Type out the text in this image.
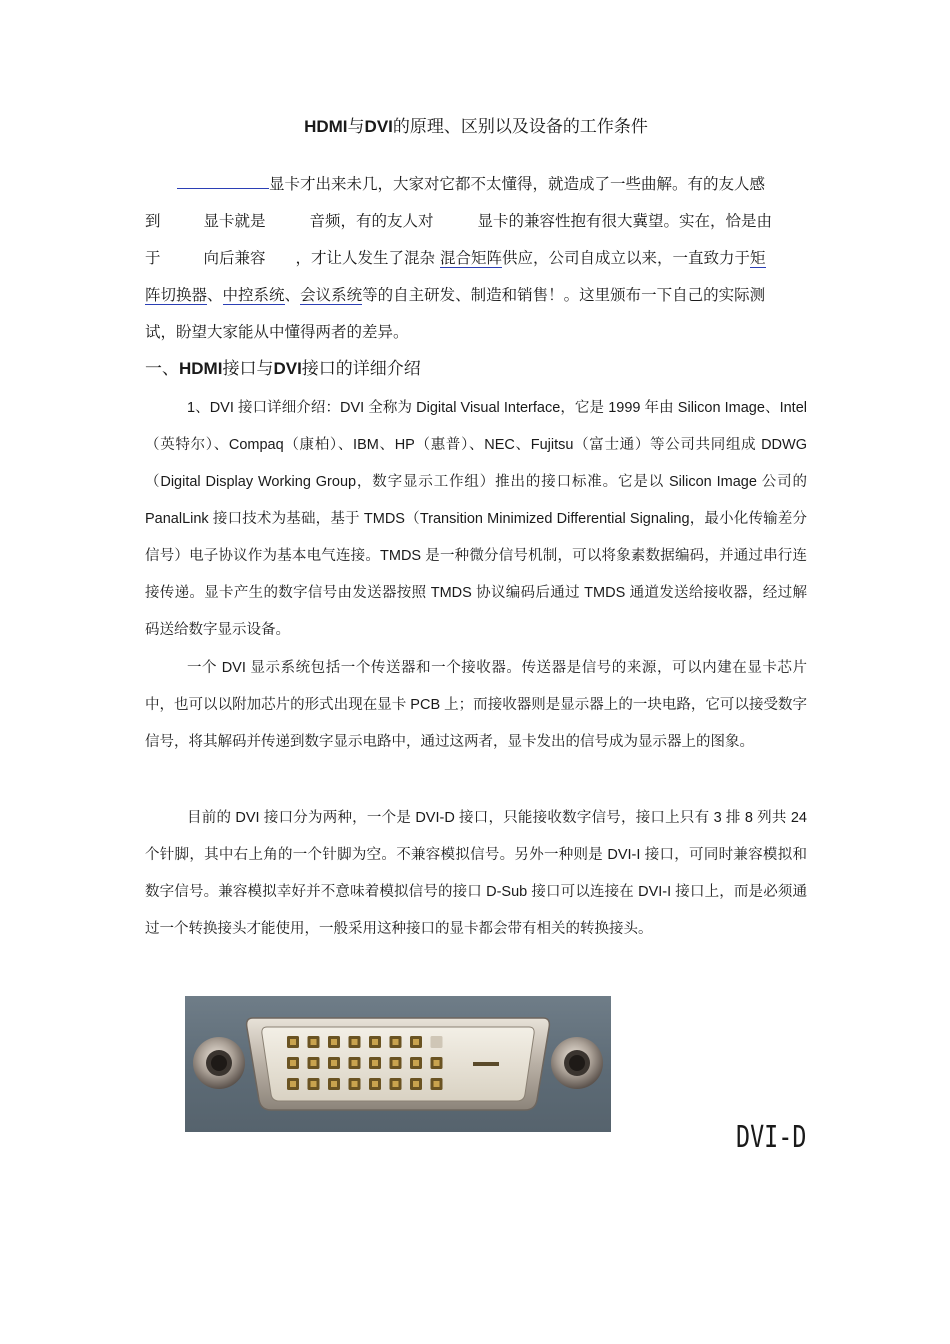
HDMI与DVI的原理、区别以及设备的工作条件

显卡才出来未几，大家对它都不太懂得，就造成了一些曲解。有的友人感

到	显卡就是	音频，有的友人对	显卡的兼容性抱有很大冀望。实在，恰是由

于	向后兼容 ，才让人发生了混杂 混合矩阵供应，公司自成立以来，一直致力于矩

阵切换器、中控系统、会议系统等的自主研发、制造和销售！。这里颁布一下自己的实际测

试，盼望大家能从中懂得两者的差异。

一、HDMI接口与DVI接口的详细介绍

1、DVI 接口详细介绍：DVI 全称为 Digital Visual Interface，它是 1999 年由 Silicon Image、Intel（英特尔）、Compaq（康柏）、IBM、HP（惠普）、NEC、Fujitsu（富士通）等公司共同组成 DDWG（Digital Display Working Group，数字显示工作组）推出的接口标准。它是以 Silicon Image 公司的 PanalLink 接口技术为基础，基于 TMDS（Transition Minimized Differential Signaling，最小化传输差分信号）电子协议作为基本电气连接。TMDS 是一种微分信号机制，可以将象素数据编码，并通过串行连接传递。显卡产生的数字信号由发送器按照 TMDS 协议编码后通过 TMDS 通道发送给接收器，经过解码送给数字显示设备。

一个 DVI 显示系统包括一个传送器和一个接收器。传送器是信号的来源，可以内建在显卡芯片中，也可以以附加芯片的形式出现在显卡 PCB 上；而接收器则是显示器上的一块电路，它可以接受数字信号，将其解码并传递到数字显示电路中，通过这两者，显卡发出的信号成为显示器上的图象。

目前的 DVI 接口分为两种，一个是 DVI-D 接口，只能接收数字信号，接口上只有 3 排 8 列共 24 个针脚，其中右上角的一个针脚为空。不兼容模拟信号。另外一种则是 DVI-I 接口，可同时兼容模拟和数字信号。兼容模拟幸好并不意味着模拟信号的接口 D-Sub 接口可以连接在 DVI-I 接口上，而是必须通过一个转换接头才能使用，一般采用这种接口的显卡都会带有相关的转换接头。

DVI-D
